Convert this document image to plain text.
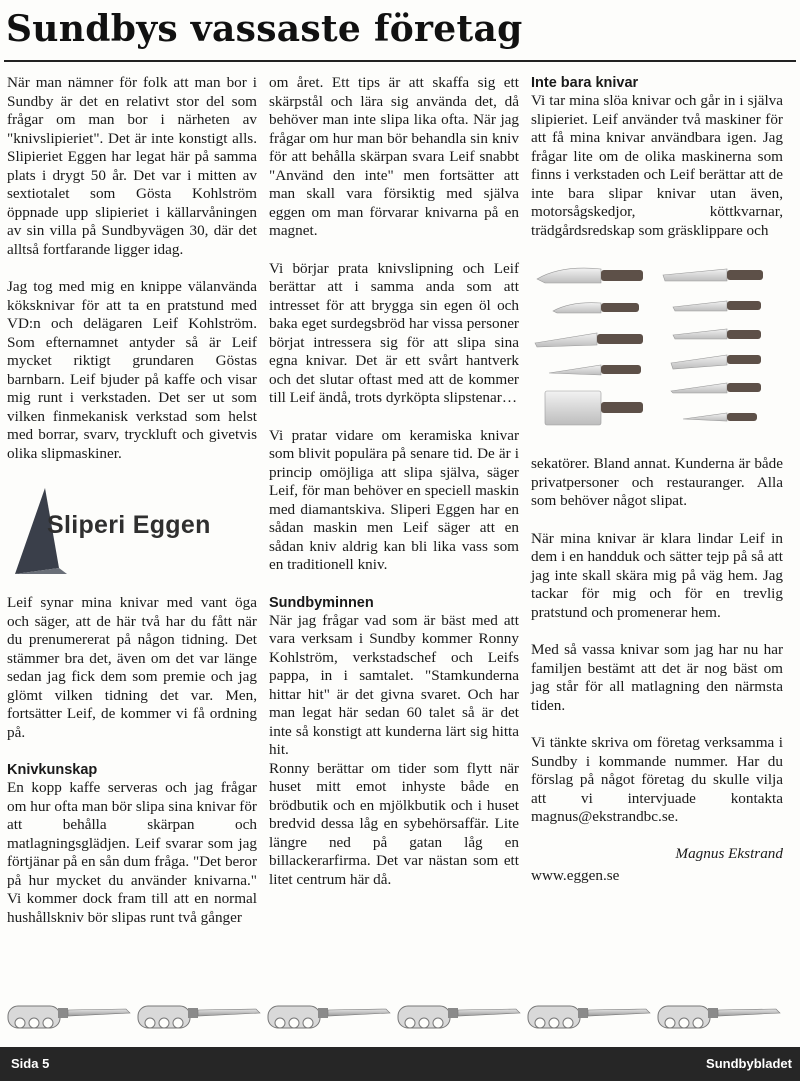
Sundbys vassaste företag

När man nämner för folk att man bor i Sundby är det en relativt stor del som frågar om man bor i närheten av "knivslipieriet". Det är inte konstigt alls. Slipieriet Eggen har legat här på samma plats i drygt 50 år. Det var i mitten av sextiotalet som Gösta Kohlström öppnade upp slipieriet i källarvåningen av sin villa på Sundbyvägen 30, där det alltså fortfarande ligger idag.

Jag tog med mig en knippe välanvända köksknivar för att ta en pratstund med VD:n och delägaren Leif Kohlström. Som efternamnet antyder så är Leif mycket riktigt grundaren Göstas barnbarn. Leif bjuder på kaffe och visar mig runt i verkstaden. Det ser ut som vilken finmekanisk verkstad som helst med borrar, svarv, tryckluft och givetvis olika slipmaskiner.

Sliperi Eggen

Leif synar mina knivar med vant öga och säger, att de här två har du fått när du prenumererat på någon tidning. Det stämmer bra det, även om det var länge sedan jag fick dem som premie och jag glömt vilken tidning det var. Men, fortsätter Leif, de kommer vi få ordning på.

Knivkunskap

En kopp kaffe serveras och jag frågar om hur ofta man bör slipa sina knivar för att behålla skärpan och matlagningsglädjen. Leif svarar som jag förtjänar på en sån dum fråga. "Det beror på hur mycket du använder knivarna." Vi kommer dock fram till att en normal hushållskniv bör slipas runt två gånger

om året. Ett tips är att skaffa sig ett skärpstål och lära sig använda det, då behöver man inte slipa lika ofta. När jag frågar om hur man bör behandla sin kniv för att behålla skärpan svara Leif snabbt "Använd den inte" men fortsätter att man skall vara försiktig med själva eggen om man förvarar knivarna på en magnet.

Vi börjar prata knivslipning och Leif berättar att i samma anda som att intresset för att brygga sin egen öl och baka eget surdegsbröd har vissa personer börjat intressera sig för att slipa sina egna knivar. Det är ett svårt hantverk och det slutar oftast med att de kommer till Leif ändå, trots dyrköpta slipstenar…

Vi pratar vidare om keramiska knivar som blivit populära på senare tid. De är i princip omöjliga att slipa själva, säger Leif, för man behöver en speciell maskin med diamantskiva. Sliperi Eggen har en sådan maskin men Leif säger att en sådan kniv aldrig kan bli lika vass som en traditionell kniv.

Sundbyminnen

När jag frågar vad som är bäst med att vara verksam i Sundby kommer Ronny Kohlström, verkstadschef och Leifs pappa, in i samtalet. "Stamkunderna hittar hit" är det givna svaret. Och har man legat här sedan 60 talet så är det inte så konstigt att kunderna lärt sig hitta hit.

Ronny berättar om tider som flytt när huset mitt emot inhyste både en brödbutik och en mjölkbutik och i huset bredvid dessa låg en sybehörsaffär. Lite längre ned på gatan låg en billackerarfirma. Det var nästan som ett litet centrum här då.

Inte bara knivar

Vi tar mina slöa knivar och går in i själva slipieriet. Leif använder två maskiner för att få mina knivar användbara igen. Jag frågar lite om de olika maskinerna som finns i verkstaden och Leif berättar att de inte bara slipar knivar utan även, motorsågskedjor, köttkvarnar, trädgårdsredskap som gräsklippare och

sekatörer. Bland annat. Kunderna är både privatpersoner och restauranger. Alla som behöver något slipat.

När mina knivar är klara lindar Leif in dem i en handduk och sätter tejp på så att jag inte skall skära mig på väg hem. Jag tackar för mig och för en trevlig pratstund och promenerar hem.

Med så vassa knivar som jag har nu har familjen bestämt att det är nog bäst om jag står för all matlagning den närmsta tiden.

Vi tänkte skriva om företag verksamma i Sundby i kommande nummer. Har du förslag på något företag du skulle vilja att vi intervjuade kontakta magnus@ekstrandbc.se.

Magnus Ekstrand
www.eggen.se
Sida 5	Sundbybladet
